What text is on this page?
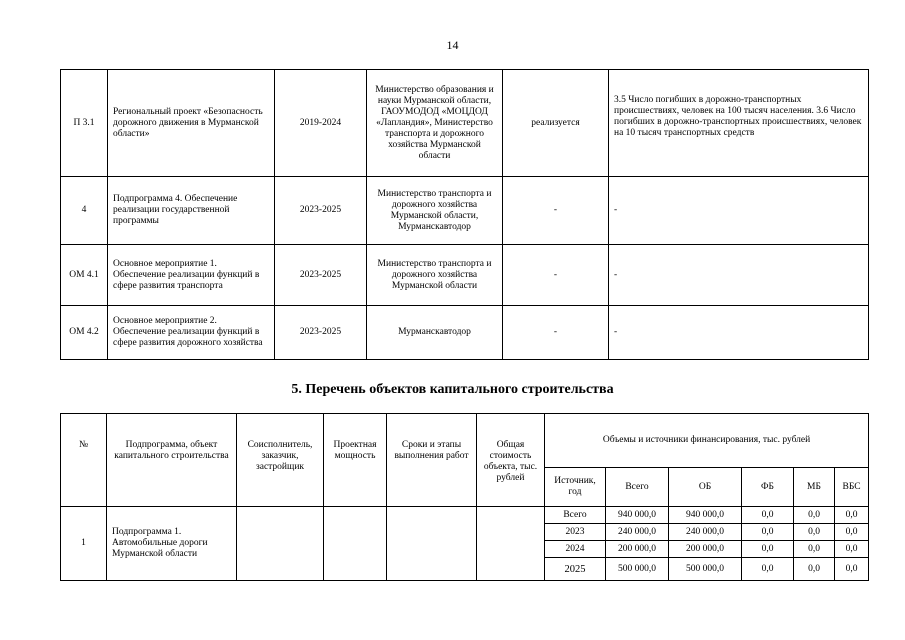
14
П 3.1	Региональный проект «Безопасность дорожного движения в Мурманской области»	2019-2024	Министерство образования и науки Мурманской области, ГАОУМОДОД «МОЦДОД «Лапландия», Министерство транспорта и дорожного хозяйства Мурманской области	реализуется	3.5 Число погибших в дорожно-транспортных происшествиях, человек на 100 тысяч населения. 3.6 Число погибших в дорожно-транспортных происшествиях, человек на 10 тысяч транспортных средств
4	Подпрограмма 4. Обеспечение реализации государственной программы	2023-2025	Министерство транспорта и дорожного хозяйства Мурманской области, Мурманскавтодор	-	-
ОМ 4.1	Основное мероприятие 1. Обеспечение реализации функций в сфере развития транспорта	2023-2025	Министерство транспорта и дорожного хозяйства Мурманской области	-	-
ОМ 4.2	Основное мероприятие 2. Обеспечение реализации функций в сфере развития дорожного хозяйства	2023-2025	Мурманскавтодор	-	-
5. Перечень объектов капитального строительства
№	Подпрограмма, объект капитального строительства	Соисполнитель, заказчик, застройщик	Проектная мощность	Сроки и этапы выполнения работ	Общая стоимость объекта, тыс. рублей	Объемы и источники финансирования, тыс. рублей					
						Источник, год	Всего	ОБ	ФБ	МБ	ВБС
1	Подпрограмма 1. Автомобильные дороги Мурманской области					Всего	940 000,0	940 000,0	0,0	0,0	0,0
						2023	240 000,0	240 000,0	0,0	0,0	0,0
						2024	200 000,0	200 000,0	0,0	0,0	0,0
						2025	500 000,0	500 000,0	0,0	0,0	0,0
